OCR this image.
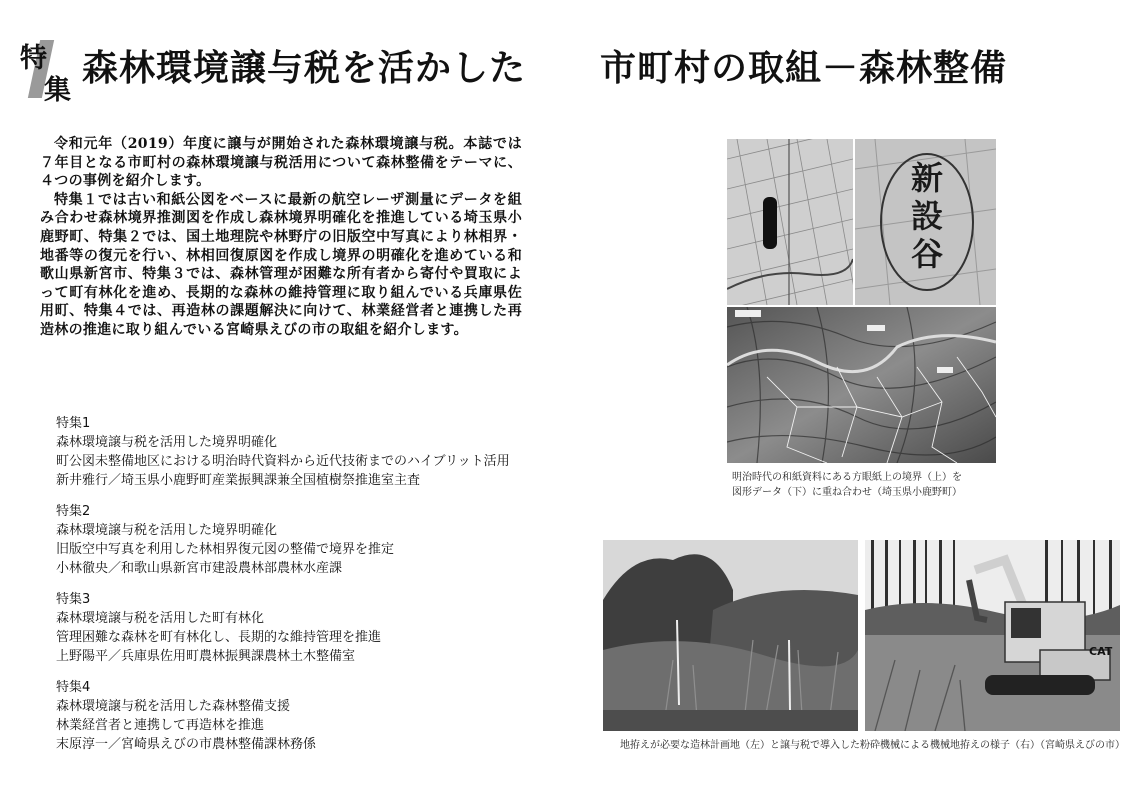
特
集
森林環境譲与税を活かした 市町村の取組－森林整備

令和元年（2019）年度に譲与が開始された森林環境譲与税。本誌では７年目となる市町村の森林環境譲与税活用について森林整備をテーマに、４つの事例を紹介します。

特集１では古い和紙公図をベースに最新の航空レーザ測量にデータを組み合わせ森林境界推測図を作成し森林境界明確化を推進している埼玉県小鹿野町、特集２では、国土地理院や林野庁の旧版空中写真により林相界・地番等の復元を行い、林相回復原図を作成し境界の明確化を進めている和歌山県新宮市、特集３では、森林管理が困難な所有者から寄付や買取によって町有林化を進め、長期的な森林の維持管理に取り組んでいる兵庫県佐用町、特集４では、再造林の課題解決に向けて、林業経営者と連携した再造林の推進に取り組んでいる宮崎県えびの市の取組を紹介します。

特集1
森林環境譲与税を活用した境界明確化
町公図未整備地区における明治時代資料から近代技術までのハイブリット活用
新井雅行／埼玉県小鹿野町産業振興課兼全国植樹祭推進室主査
特集2
森林環境譲与税を活用した境界明確化
旧版空中写真を利用した林相界復元図の整備で境界を推定
小林徹央／和歌山県新宮市建設農林部農林水産課
特集3
森林環境譲与税を活用した町有林化
管理困難な森林を町有林化し、長期的な維持管理を推進
上野陽平／兵庫県佐用町農林振興課農林土木整備室
特集4
森林環境譲与税を活用した森林整備支援
林業経営者と連携して再造林を推進
末原淳一／宮崎県えびの市農林整備課林務係
新設谷
明治時代の和紙資料にある方眼紙上の境界（上）を
図形データ（下）に重ね合わせ（埼玉県小鹿野町）
CAT
地拵えが必要な造林計画地（左）と譲与税で導入した粉砕機械による機械地拵えの様子（右）（宮崎県えびの市）
